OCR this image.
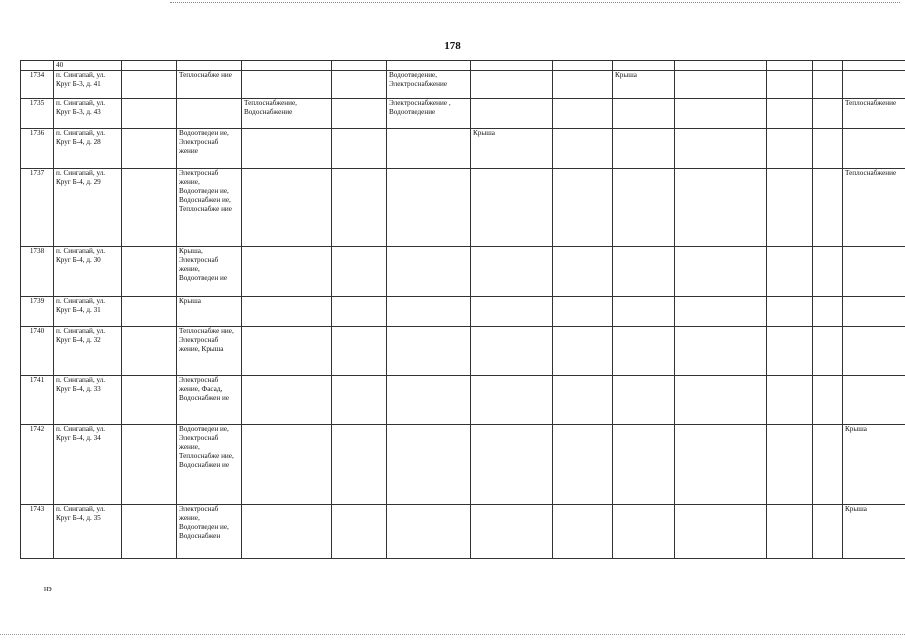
178
	40												
1734	п. Сингапай, ул. Круг Б-3, д. 41		Теплоснабже ние			Водоотведение, Электроснабжение			Крыша				
1735	п. Сингапай, ул. Круг Б-3, д. 43			Теплоснабжение, Водоснабжение		Электроснабжение , Водоотведение							Теплоснабжение
1736	п. Сингапай, ул. Круг Б-4, д. 28		Водоотведен ие, Электроснаб жение				Крыша						
1737	п. Сингапай, ул. Круг Б-4, д. 29		Электроснаб жение, Водоотведен ие, Водоснабжен ие, Теплоснабже ние										Теплоснабжение
1738	п. Сингапай, ул. Круг Б-4, д. 30		Крыша, Электроснаб жение, Водоотведен ие										
1739	п. Сингапай, ул. Круг Б-4, д. 31		Крыша										
1740	п. Сингапай, ул. Круг Б-4, д. 32		Теплоснабже ние, Электроснаб жение, Крыша										
1741	п. Сингапай, ул. Круг Б-4, д. 33		Электроснаб жение, Фасад, Водоснабжен ие										
1742	п. Сингапай, ул. Круг Б-4, д. 34		Водоотведен ие, Электроснаб жение, Теплоснабже ние, Водоснабжен ие										Крыша
1743	п. Сингапай, ул. Круг Б-4, д. 35		Электроснаб жение, Водоотведен ие, Водоснабжен										Крыша
нэ
